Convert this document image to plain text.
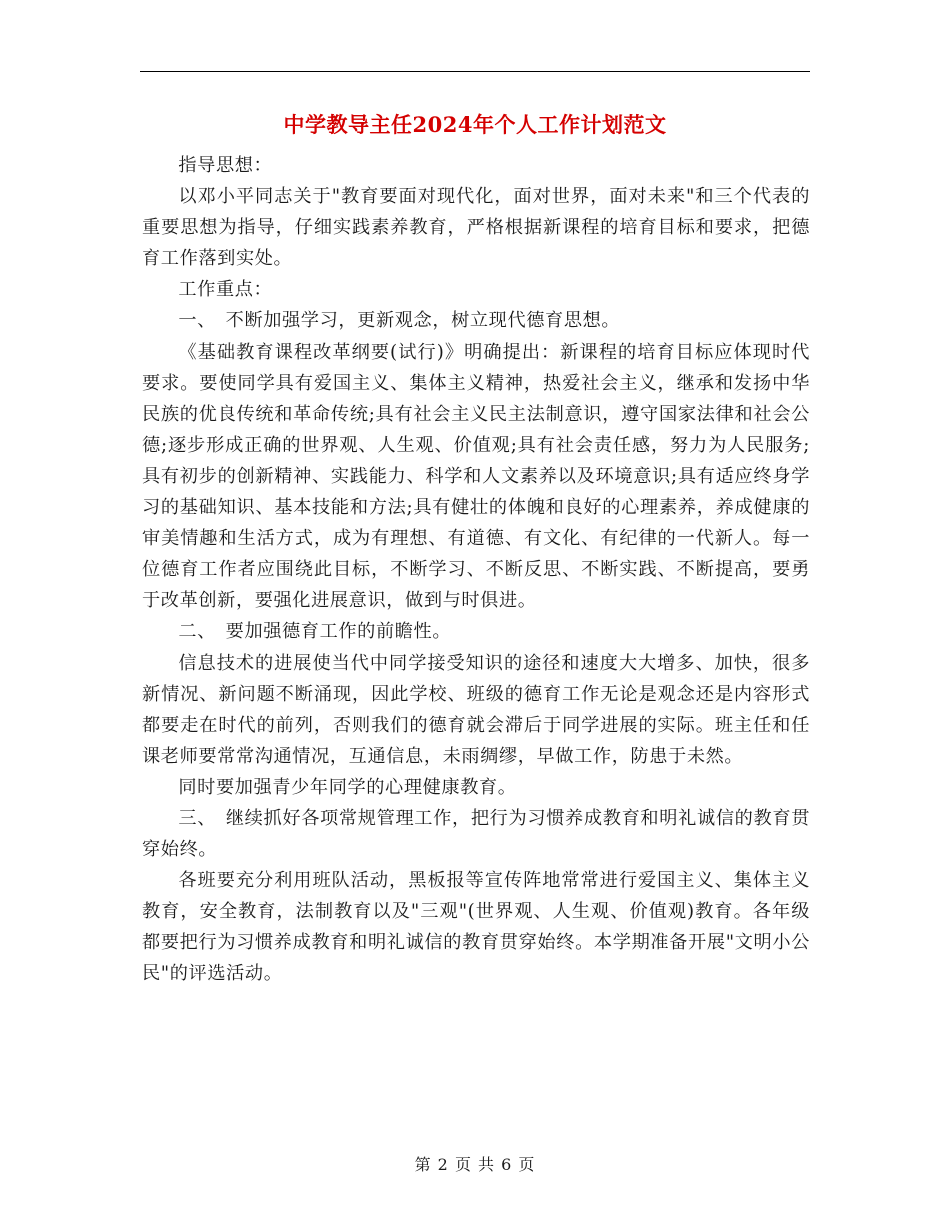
中学教导主任2024年个人工作计划范文

指导思想：

以邓小平同志关于"教育要面对现代化，面对世界，面对未来"和三个代表的重要思想为指导，仔细实践素养教育，严格根据新课程的培育目标和要求，把德育工作落到实处。

工作重点：

一、　不断加强学习，更新观念，树立现代德育思想。

《基础教育课程改革纲要(试行)》明确提出：新课程的培育目标应体现时代要求。要使同学具有爱国主义、集体主义精神，热爱社会主义，继承和发扬中华民族的优良传统和革命传统;具有社会主义民主法制意识，遵守国家法律和社会公德;逐步形成正确的世界观、人生观、价值观;具有社会责任感，努力为人民服务;具有初步的创新精神、实践能力、科学和人文素养以及环境意识;具有适应终身学习的基础知识、基本技能和方法;具有健壮的体魄和良好的心理素养，养成健康的审美情趣和生活方式，成为有理想、有道德、有文化、有纪律的一代新人。每一位德育工作者应围绕此目标，不断学习、不断反思、不断实践、不断提高，要勇于改革创新，要强化进展意识，做到与时俱进。

二、　要加强德育工作的前瞻性。

信息技术的进展使当代中同学接受知识的途径和速度大大增多、加快，很多新情况、新问题不断涌现，因此学校、班级的德育工作无论是观念还是内容形式都要走在时代的前列，否则我们的德育就会滞后于同学进展的实际。班主任和任课老师要常常沟通情况，互通信息，未雨绸缪，早做工作，防患于未然。

同时要加强青少年同学的心理健康教育。

三、　继续抓好各项常规管理工作，把行为习惯养成教育和明礼诚信的教育贯穿始终。

各班要充分利用班队活动，黑板报等宣传阵地常常进行爱国主义、集体主义教育，安全教育，法制教育以及"三观"(世界观、人生观、价值观)教育。各年级都要把行为习惯养成教育和明礼诚信的教育贯穿始终。本学期准备开展"文明小公民"的评选活动。

第 2 页 共 6 页
